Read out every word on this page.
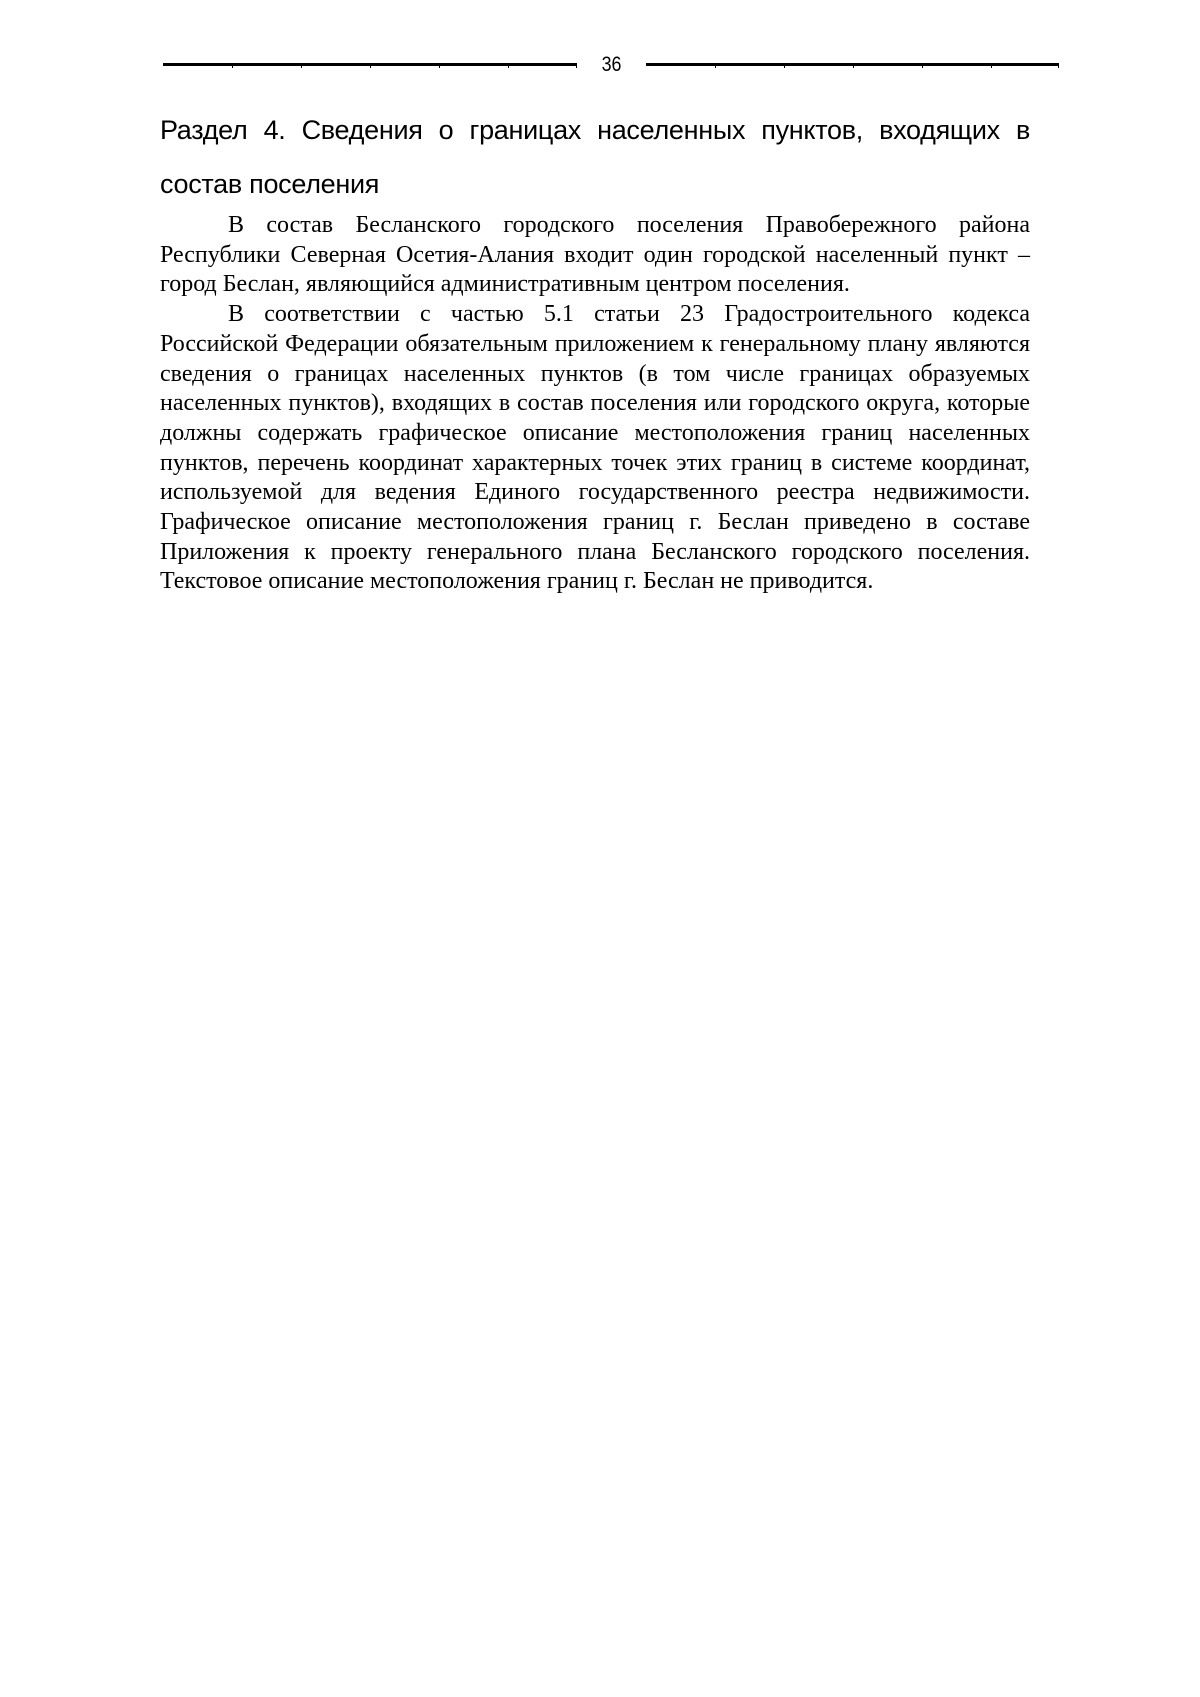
36
Раздел 4. Сведения о границах населенных пунктов, входящих в состав поселения

В состав Бесланского городского поселения Правобережного района Республики Северная Осетия-Алания входит один городской населенный пункт – город Беслан, являющийся административным центром поселения.

В соответствии с частью 5.1 статьи 23 Градостроительного кодекса Российской Федерации обязательным приложением к генеральному плану являются сведения о границах населенных пунктов (в том числе границах образуемых населенных пунктов), входящих в состав поселения или городского округа, которые должны содержать графическое описание местоположения границ населенных пунктов, перечень координат характерных точек этих границ в системе координат, используемой для ведения Единого государственного реестра недвижимости. Графическое описание местоположения границ г. Беслан приведено в составе Приложения к проекту генерального плана Бесланского городского поселения. Текстовое описание местоположения границ г. Беслан не приводится.
